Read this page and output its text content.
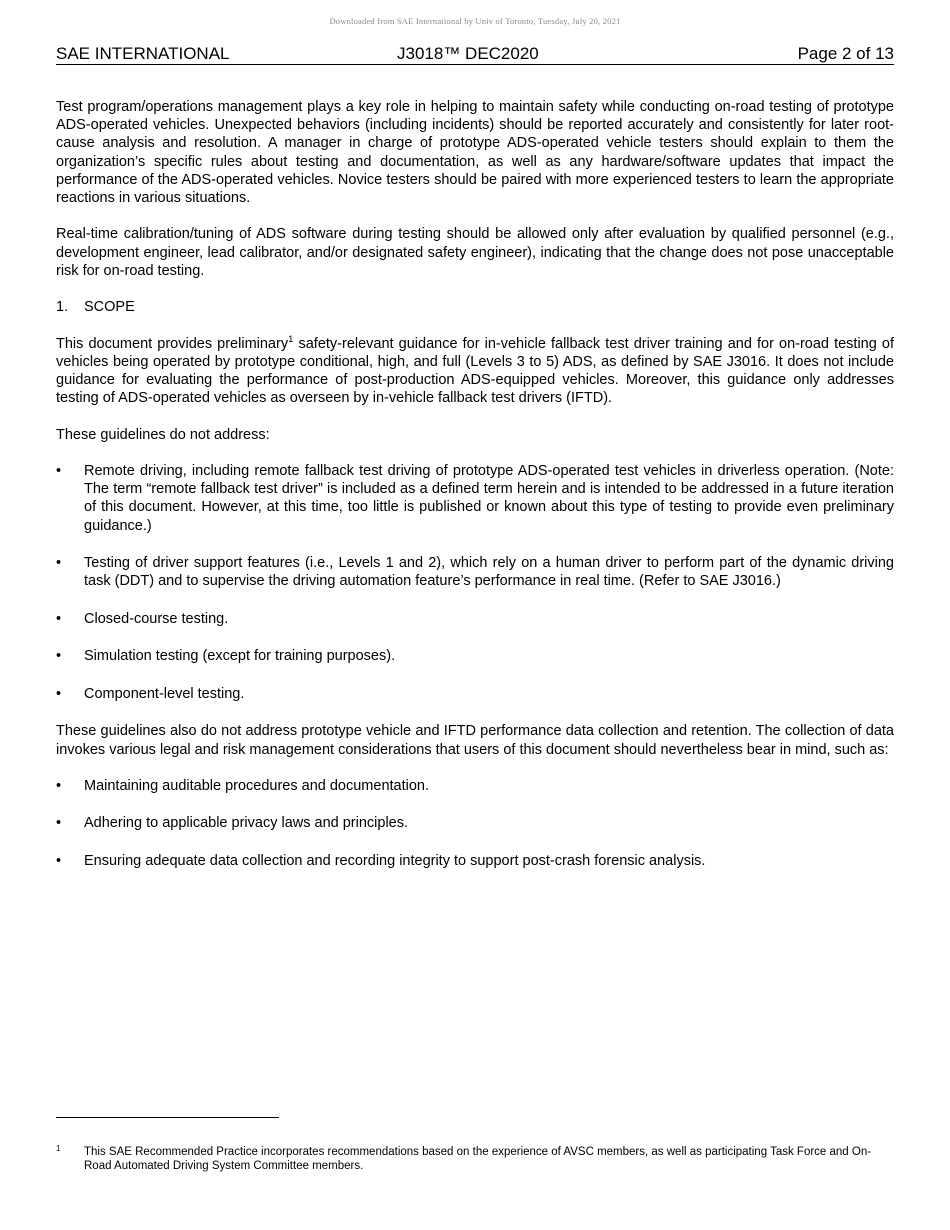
Downloaded from SAE International by Univ of Toronto, Tuesday, July 20, 2021
SAE INTERNATIONAL	J3018™ DEC2020	Page 2 of 13

Test program/operations management plays a key role in helping to maintain safety while conducting on-road testing of prototype ADS-operated vehicles. Unexpected behaviors (including incidents) should be reported accurately and consistently for later root-cause analysis and resolution. A manager in charge of prototype ADS-operated vehicle testers should explain to them the organization’s specific rules about testing and documentation, as well as any hardware/software updates that impact the performance of the ADS-operated vehicles. Novice testers should be paired with more experienced testers to learn the appropriate reactions in various situations.

Real-time calibration/tuning of ADS software during testing should be allowed only after evaluation by qualified personnel (e.g., development engineer, lead calibrator, and/or designated safety engineer), indicating that the change does not pose unacceptable risk for on-road testing.

1. SCOPE

This document provides preliminary$^1$ safety-relevant guidance for in-vehicle fallback test driver training and for on-road testing of vehicles being operated by prototype conditional, high, and full (Levels 3 to 5) ADS, as defined by SAE J3016. It does not include guidance for evaluating the performance of post-production ADS-equipped vehicles. Moreover, this guidance only addresses testing of ADS-operated vehicles as overseen by in-vehicle fallback test drivers (IFTD).

These guidelines do not address:

• Remote driving, including remote fallback test driving of prototype ADS-operated test vehicles in driverless operation. (Note: The term “remote fallback test driver” is included as a defined term herein and is intended to be addressed in a future iteration of this document. However, at this time, too little is published or known about this type of testing to provide even preliminary guidance.)
• Testing of driver support features (i.e., Levels 1 and 2), which rely on a human driver to perform part of the dynamic driving task (DDT) and to supervise the driving automation feature’s performance in real time. (Refer to SAE J3016.)
• Closed-course testing.
• Simulation testing (except for training purposes).
• Component-level testing.

These guidelines also do not address prototype vehicle and IFTD performance data collection and retention. The collection of data invokes various legal and risk management considerations that users of this document should nevertheless bear in mind, such as:

• Maintaining auditable procedures and documentation.
• Adhering to applicable privacy laws and principles.
• Ensuring adequate data collection and recording integrity to support post-crash forensic analysis.
1 This SAE Recommended Practice incorporates recommendations based on the experience of AVSC members, as well as participating Task Force and On-Road Automated Driving System Committee members.
